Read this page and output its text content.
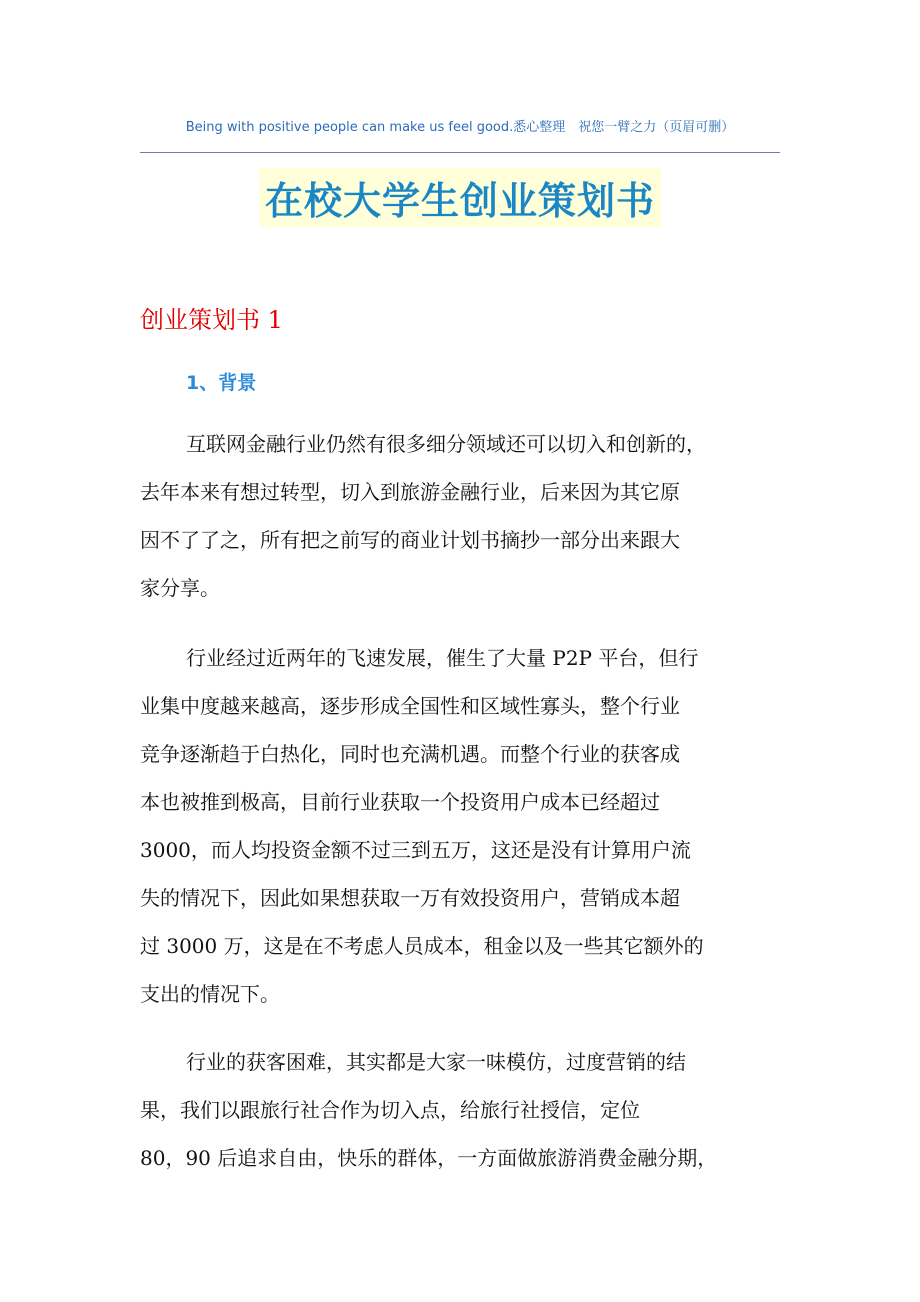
Being with positive people can make us feel good.悉心整理　祝您一臂之力（页眉可删）
在校大学生创业策划书
创业策划书 1
1、背景
互联网金融行业仍然有很多细分领域还可以切入和创新的，
去年本来有想过转型，切入到旅游金融行业，后来因为其它原
因不了了之，所有把之前写的商业计划书摘抄一部分出来跟大
家分享。
行业经过近两年的飞速发展，催生了大量 P2P 平台，但行
业集中度越来越高，逐步形成全国性和区域性寡头，整个行业
竞争逐渐趋于白热化，同时也充满机遇。而整个行业的获客成
本也被推到极高，目前行业获取一个投资用户成本已经超过
3000，而人均投资金额不过三到五万，这还是没有计算用户流
失的情况下，因此如果想获取一万有效投资用户，营销成本超
过 3000 万，这是在不考虑人员成本，租金以及一些其它额外的
支出的情况下。
行业的获客困难，其实都是大家一味模仿，过度营销的结
果，我们以跟旅行社合作为切入点，给旅行社授信，定位
80，90 后追求自由，快乐的群体，一方面做旅游消费金融分期，
